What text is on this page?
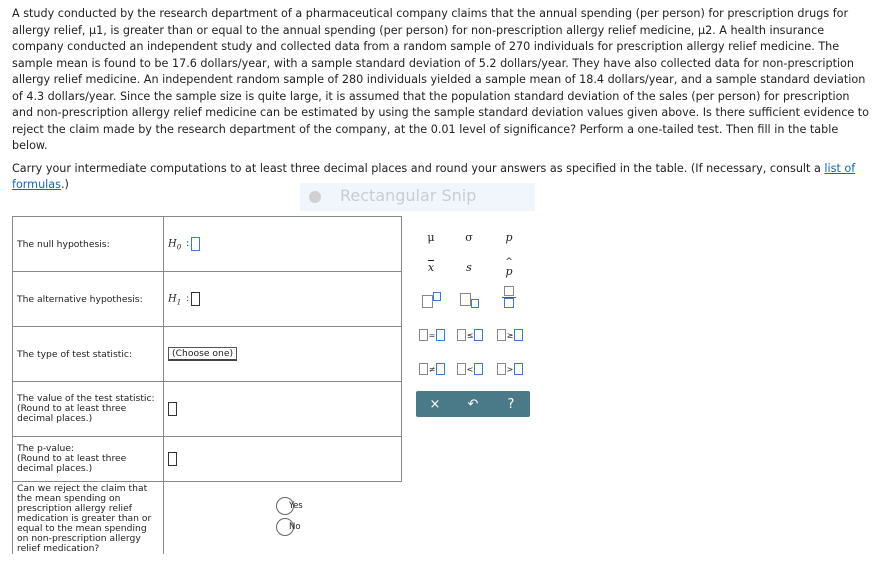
A study conducted by the research department of a pharmaceutical company claims that the annual spending (per person) for prescription drugs for allergy relief, μ1, is greater than or equal to the annual spending (per person) for non-prescription allergy relief medicine, μ2. A health insurance company conducted an independent study and collected data from a random sample of 270 individuals for prescription allergy relief medicine. The sample mean is found to be 17.6 dollars/year, with a sample standard deviation of 5.2 dollars/year. They have also collected data for non-prescription allergy relief medicine. An independent random sample of 280 individuals yielded a sample mean of 18.4 dollars/year, and a sample standard deviation of 4.3 dollars/year. Since the sample size is quite large, it is assumed that the population standard deviation of the sales (per person) for prescription and non-prescription allergy relief medicine can be estimated by using the sample standard deviation values given above. Is there sufficient evidence to reject the claim made by the research department of the company, at the 0.01 level of significance? Perform a one-tailed test. Then fill in the table below.

Carry your intermediate computations to at least three decimal places and round your answers as specified in the table. (If necessary, consult a list of formulas.)

Rectangular Snip
The null hypothesis:	$H_0$ :
The alternative hypothesis:	$H_1$ :
The type of test statistic:	(Choose one)

The value of the test statistic:
(Round to at least three decimal places.)	

The p-value:
(Round to at least three decimal places.)	

Can we reject the claim that the mean spending on prescription allergy relief medication is greater than or equal to the mean spending on non-prescription allergy relief medication?	Yes

No
μ	σ	p
$\overline{x}$	s	^
p
=	≤	≥
≠	<	>
×	↶	?
